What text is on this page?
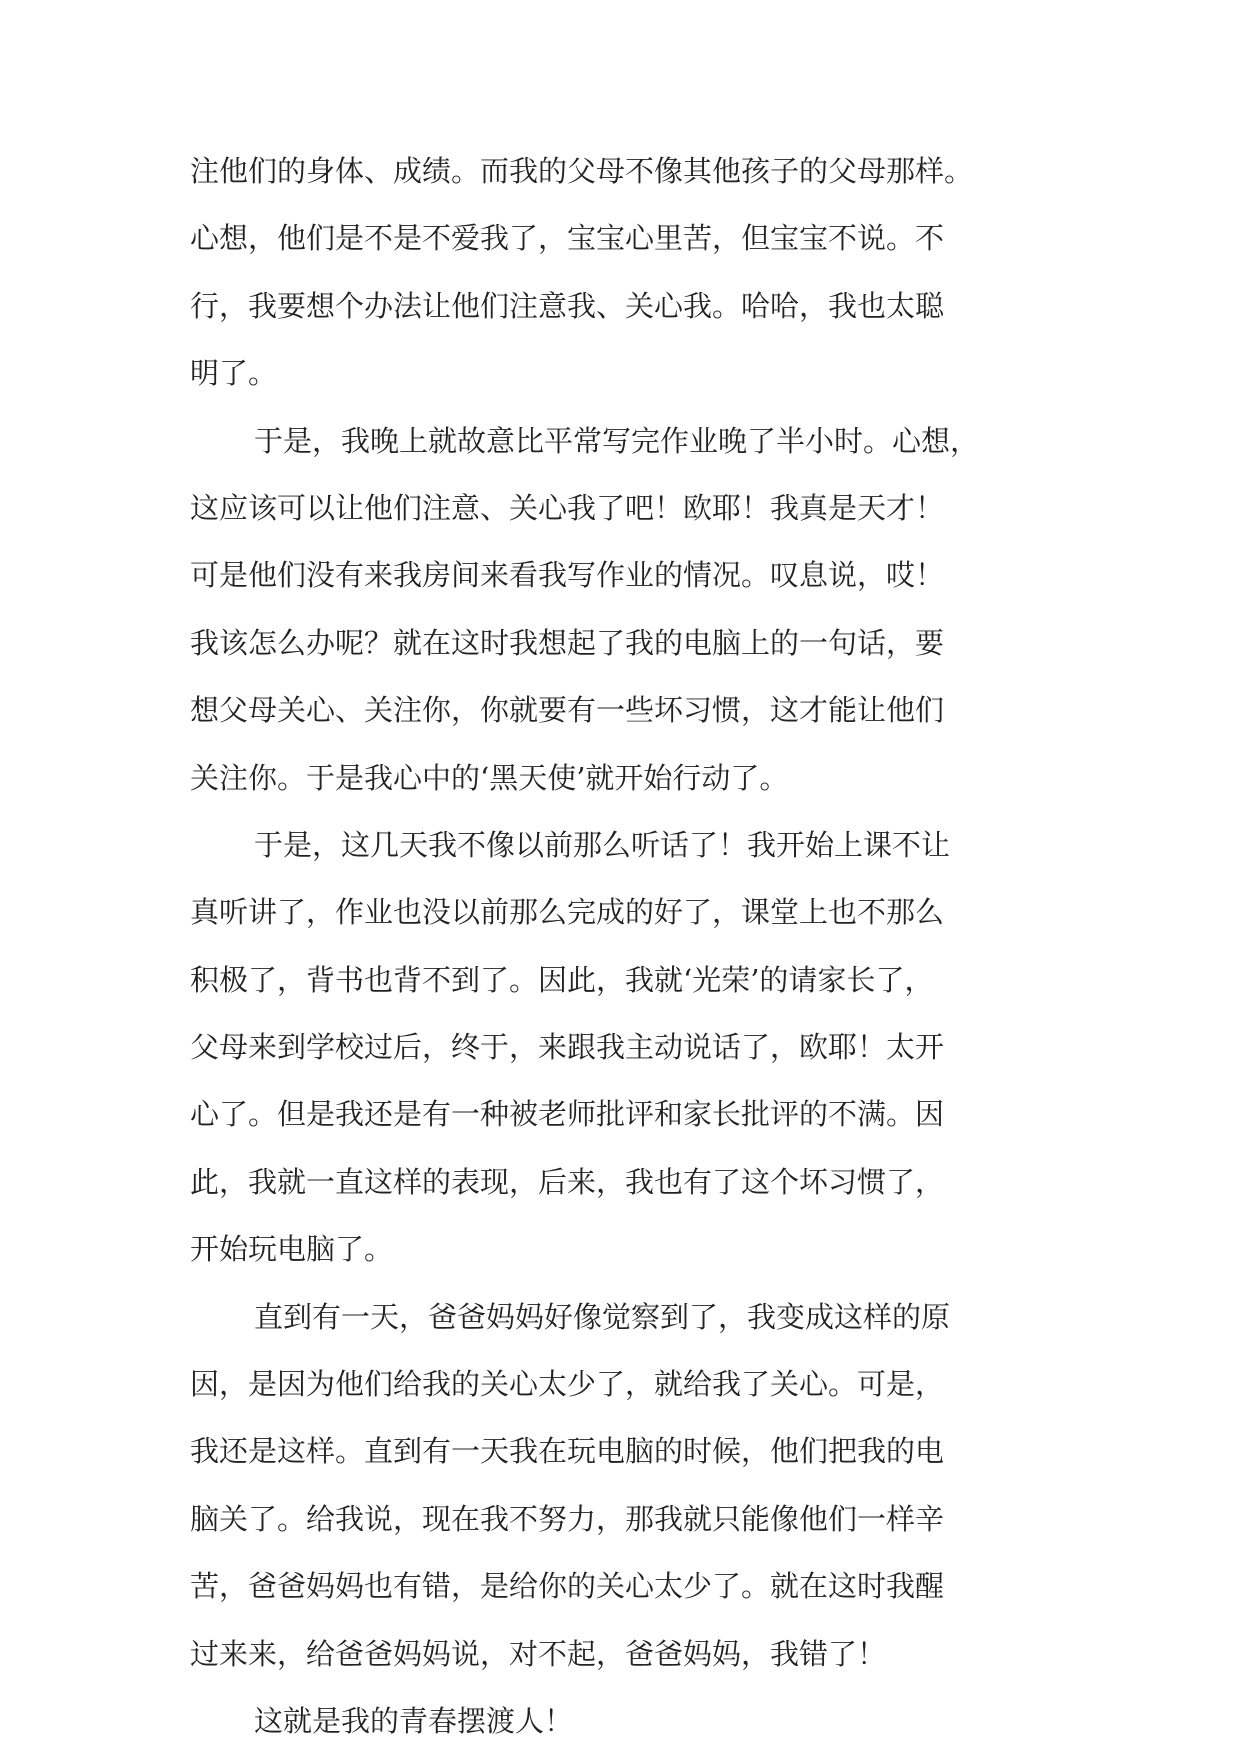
注他们的身体、成绩。而我的父母不像其他孩子的父母那样。
心想，他们是不是不爱我了，宝宝心里苦，但宝宝不说。不
行，我要想个办法让他们注意我、关心我。哈哈，我也太聪
明了。
于是，我晚上就故意比平常写完作业晚了半小时。心想，
这应该可以让他们注意、关心我了吧！欧耶！我真是天才！
可是他们没有来我房间来看我写作业的情况。叹息说，哎！
我该怎么办呢？就在这时我想起了我的电脑上的一句话，要
想父母关心、关注你，你就要有一些坏习惯，这才能让他们
关注你。于是我心中的‘黑天使’就开始行动了。
于是，这几天我不像以前那么听话了！我开始上课不让
真听讲了，作业也没以前那么完成的好了，课堂上也不那么
积极了，背书也背不到了。因此，我就‘光荣’的请家长了，
父母来到学校过后，终于，来跟我主动说话了，欧耶！太开
心了。但是我还是有一种被老师批评和家长批评的不满。因
此，我就一直这样的表现，后来，我也有了这个坏习惯了，
开始玩电脑了。
直到有一天，爸爸妈妈好像觉察到了，我变成这样的原
因，是因为他们给我的关心太少了，就给我了关心。可是，
我还是这样。直到有一天我在玩电脑的时候，他们把我的电
脑关了。给我说，现在我不努力，那我就只能像他们一样辛
苦，爸爸妈妈也有错，是给你的关心太少了。就在这时我醒
过来来，给爸爸妈妈说，对不起，爸爸妈妈，我错了！
这就是我的青春摆渡人！
